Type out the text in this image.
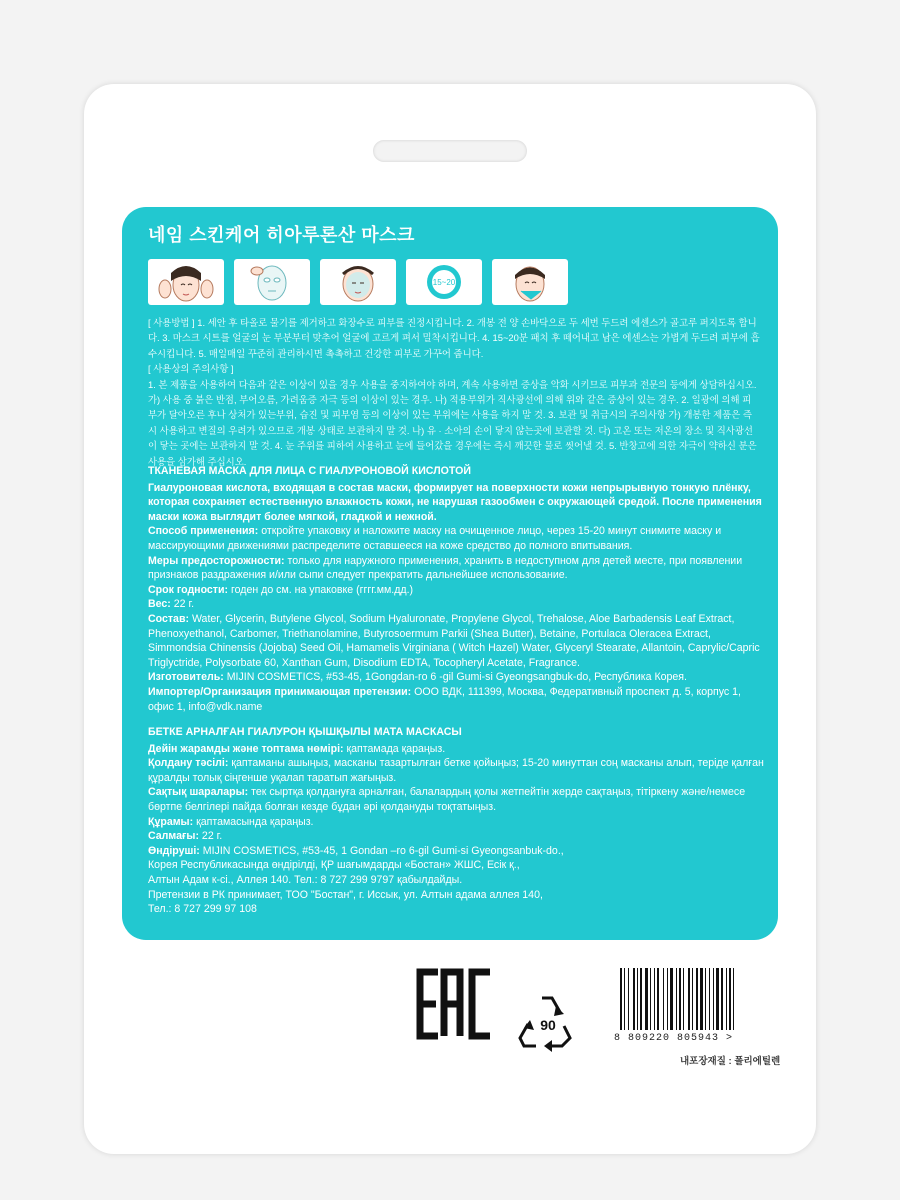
네임 스킨케어 히아루론산 마스크
15~20

[ 사용방법 ] 1. 세안 후 타올로 물기를 제거하고 화장수로 피부를 진정시킵니다. 2. 개봉 전 양 손바닥으로 두 세번 두드려 에센스가 골고루 퍼지도록 합니다. 3. 마스크 시트를 얼굴의 눈 부분부터 맞추어 얼굴에 고르게 펴서 밀착시킵니다. 4. 15~20분 패치 후 떼어내고 남은 에센스는 가볍게 두드려 피부에 흡수시킵니다. 5. 매일매일 꾸준히 관리하시면 촉촉하고 건강한 피부로 가꾸어 줍니다.

[ 사용상의 주의사항 ]

1. 본 제품을 사용하여 다음과 같은 이상이 있을 경우 사용을 중지하여야 하며, 계속 사용하면 증상을 악화 시키므로 피부과 전문의 등에게 상담하십시오. 가) 사용 중 붉은 반점, 부어오름, 가려움증 자극 등의 이상이 있는 경우. 나) 적용부위가 직사광선에 의해 위와 같은 증상이 있는 경우. 2. 일광에 의해 피부가 달아오른 후나 상처가 있는부위, 습진 및 피부염 등의 이상이 있는 부위에는 사용을 하지 말 것. 3. 보관 및 취급시의 주의사항 가) 개봉한 제품은 즉시 사용하고 변질의 우려가 있으므로 개봉 상태로 보관하지 말 것. 나) 유 · 소아의 손이 닿지 않는곳에 보관할 것. 다) 고온 또는 저온의 장소 및 직사광선이 닿는 곳에는 보관하지 말 것. 4. 눈 주위를 피하여 사용하고 눈에 들어갔을 경우에는 즉시 깨끗한 물로 씻어낼 것. 5. 반창고에 의한 자극이 약하신 분은 사용을 삼가해 주십시오.

ТКАНЕВАЯ МАСКА ДЛЯ ЛИЦА С ГИАЛУРОНОВОЙ КИСЛОТОЙ

Гиалуроновая кислота, входящая в состав маски, формирует на поверхности кожи непрырывную тонкую плёнку, которая сохраняет естественную влажность кожи, не нарушая газообмен с окружающей средой. После применения маски кожа выглядит более мягкой, гладкой и нежной.

Способ применения: откройте упаковку и наложите маску на очищенное лицо, через 15-20 минут снимите маску и массирующими движениями распределите оставшееся на коже средство до полного впитывания.

Меры предосторожности: только для наружного применения, хранить в недоступном для детей месте, при появлении признаков раздражения и/или сыпи следует прекратить дальнейшее использование.

Срок годности: годен до см. на упаковке (гггг.мм.дд.)

Вес: 22 г.

Состав: Water, Glycerin, Butylene Glycol, Sodium Hyaluronate, Propylene Glycol, Trehalose, Aloe Barbadensis Leaf Extract, Phenoxyethanol, Carbomer, Triethanolamine, Butyrosoermum Parkii (Shea Butter), Betaine, Portulaca Oleracea Extract, Simmondsia Chinensis (Jojoba) Seed Oil, Hamamelis Virginiana ( Witch Hazel) Water, Glyceryl Stearate, Allantoin, Caprylic/Capric Triglyctride, Polysorbate 60, Xanthan Gum, Disodium EDTA, Tocopheryl Acetate, Fragrance.

Изготовитель: MIJIN COSMETICS, #53-45, 1Gongdan-ro 6 -gil Gumi-si Gyeongsangbuk-do, Республика Корея.

Импортер/Организация принимающая претензии: ООО ВДК, 111399, Москва, Федеративный проспект д. 5, корпус 1, офис 1, info@vdk.name

БЕТКЕ АРНАЛҒАН ГИАЛУРОН ҚЫШҚЫЛЫ МАТА МАСКАСЫ

Дейін жарамды және топтама нөмірі: қаптамада қараңыз.

Қолдану тәсілі: қаптаманы ашыңыз, масканы тазартылған бетке қойыңыз; 15-20 минуттан соң масканы алып, теріде қалған құралды толық сіңгенше уқалап таратып жағыңыз.

Сақтық шаралары: тек сыртқа қолдануға арналған, балалардың қолы жетпейтін жерде сақтаңыз, тітіркену және/немесе бөртпе белгілері пайда болған кезде бұдан әрі қолдануды тоқтатыңыз.

Құрамы: қаптамасында қараңыз.

Салмағы: 22 г.

Өндіруші: MIJIN COSMETICS, #53-45, 1 Gondan –ro 6-gil Gumi-si Gyeongsanbuk-do.,

Корея Республикасында өндірілді, ҚР шағымдарды «Бостан» ЖШС, Есік қ.,

Алтын Адам к-сі., Аллея 140. Тел.: 8 727 299 9797 қабылдайды.

Претензии в РК принимает, ТОО "Бостан", г. Иссык, ул. Алтын адама аллея 140,

Тел.: 8 727 299 97 108

90
8 809220 805943 >
내포장재질 : 폴리에틸렌
